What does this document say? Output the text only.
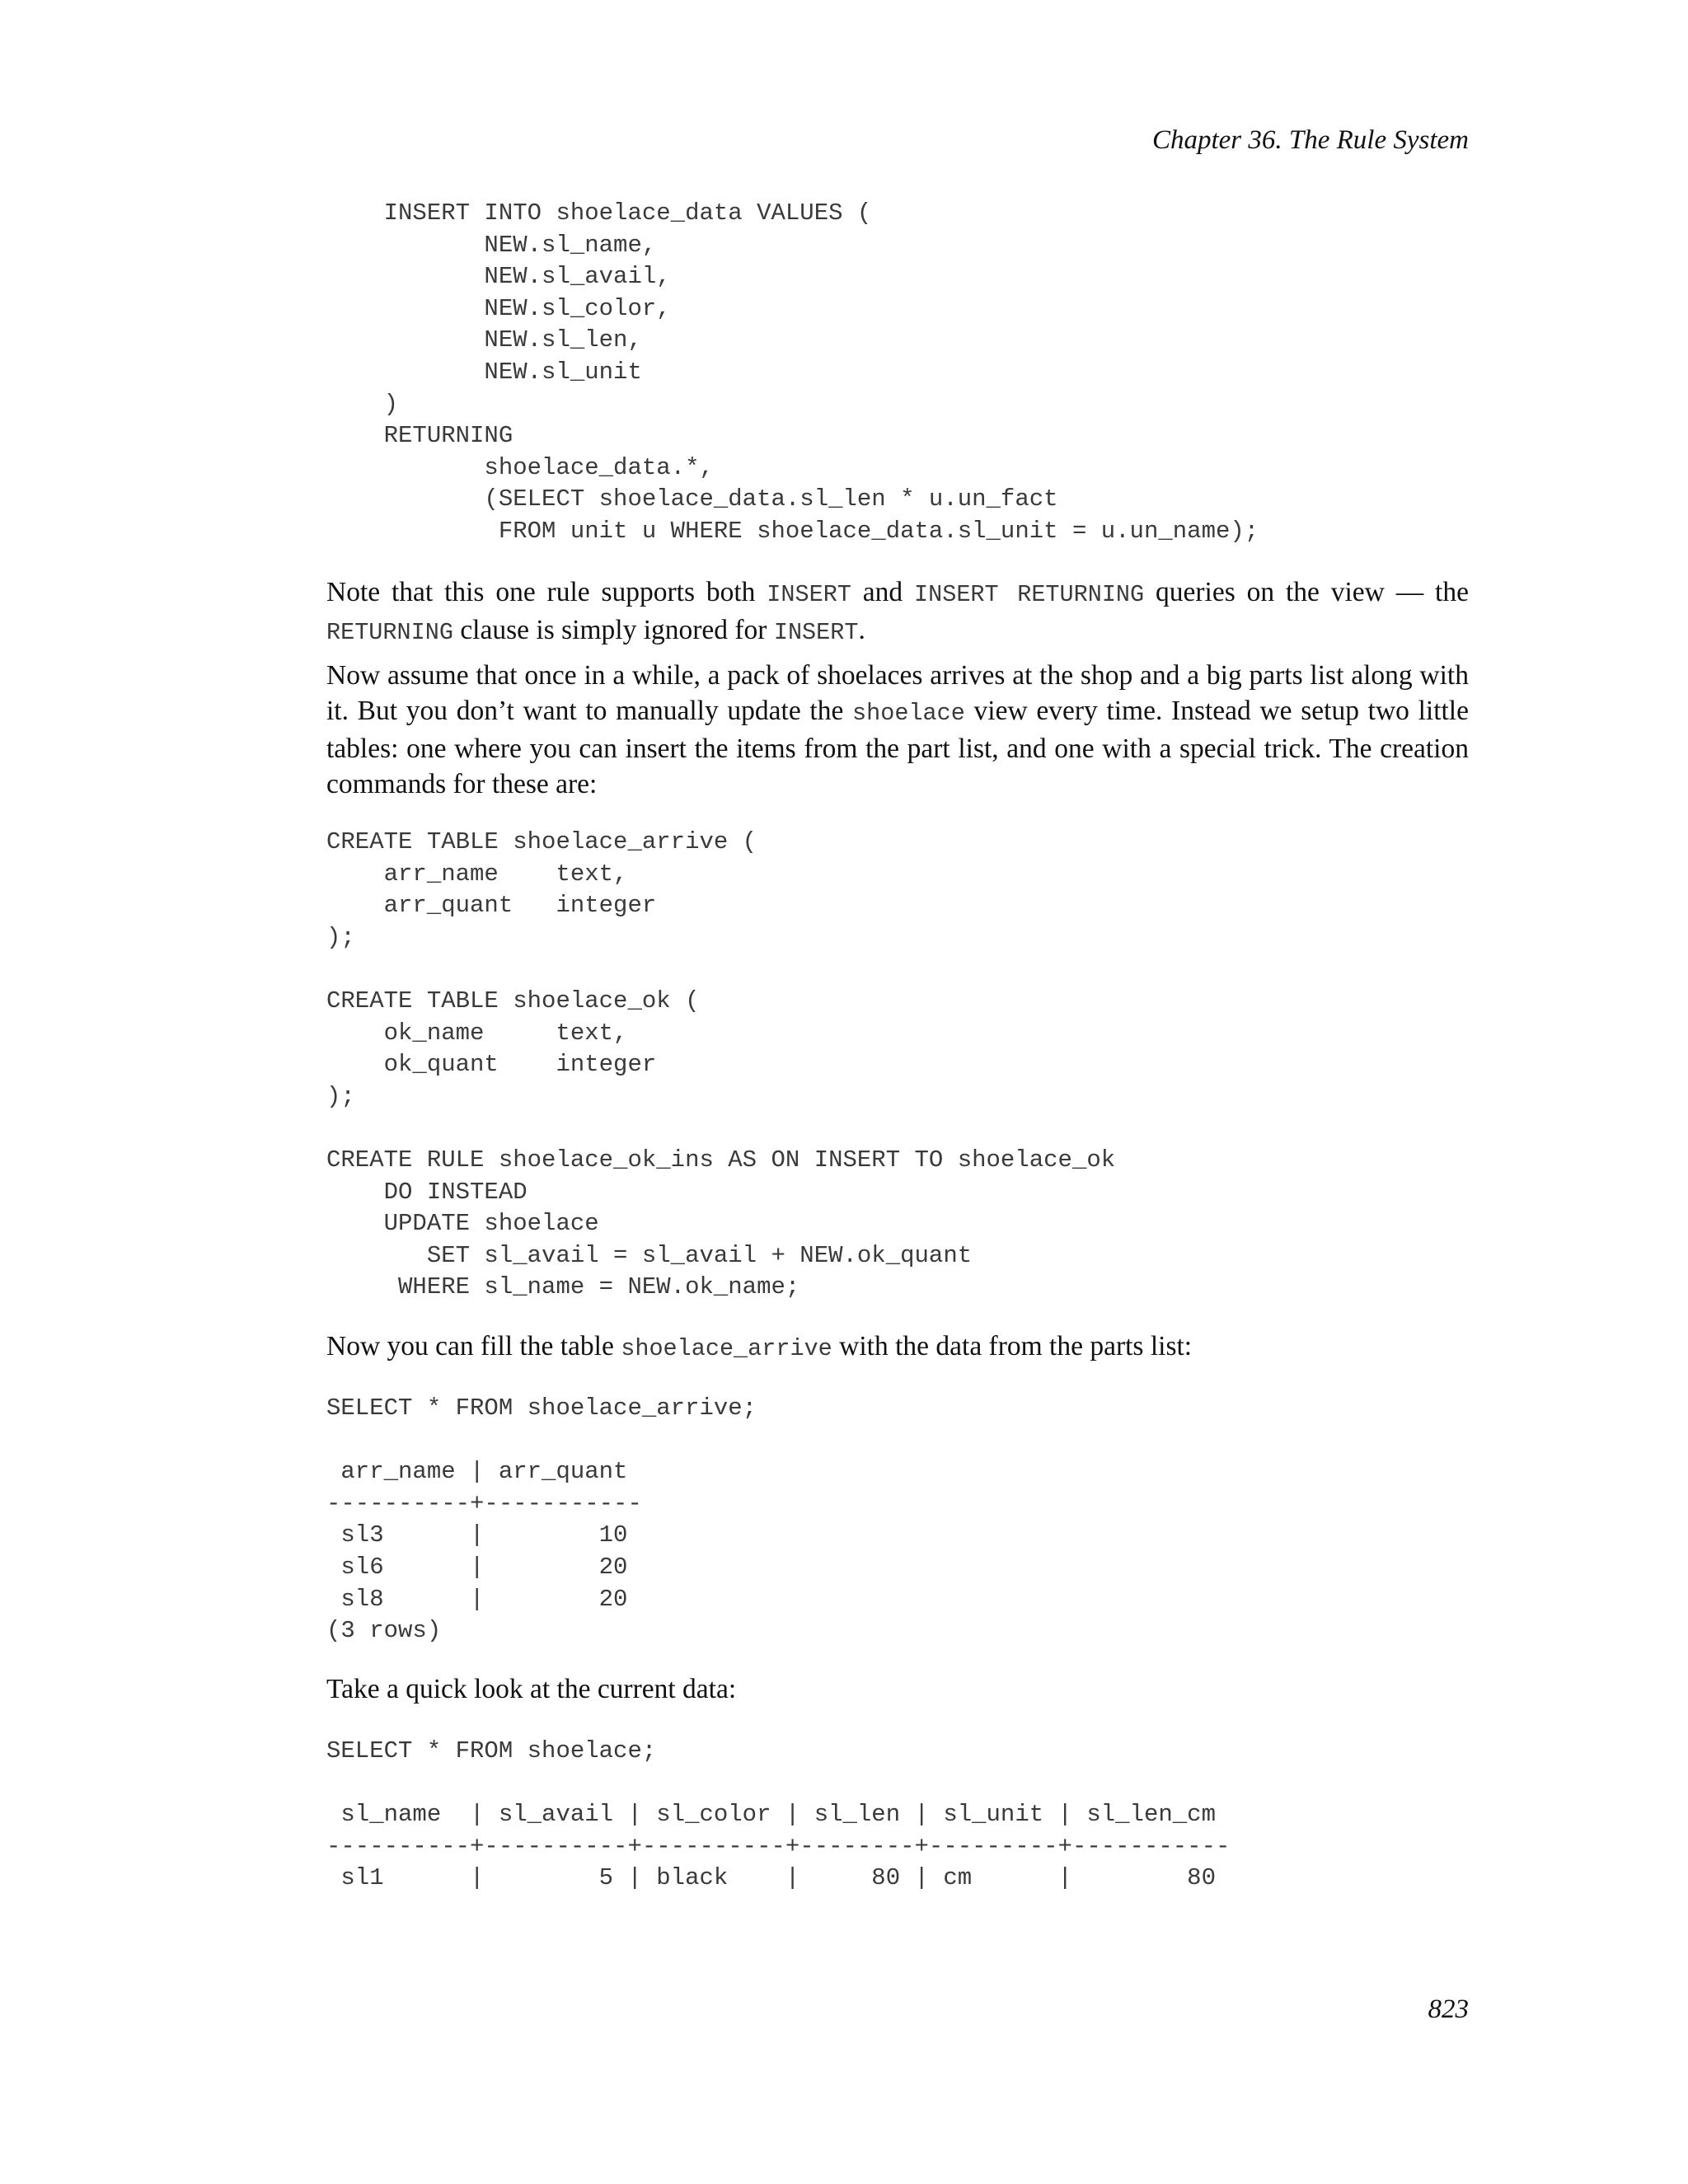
Chapter 36. The Rule System
INSERT INTO shoelace_data VALUES (
NEW.sl_name,
NEW.sl_avail,
NEW.sl_color,
NEW.sl_len,
NEW.sl_unit
)
RETURNING
shoelace_data.*,
(SELECT shoelace_data.sl_len * u.un_fact
FROM unit u WHERE shoelace_data.sl_unit = u.un_name);

Note that this one rule supports both INSERT and INSERT RETURNING queries on the view — the RETURNING clause is simply ignored for INSERT.

Now assume that once in a while, a pack of shoelaces arrives at the shop and a big parts list along with it. But you don’t want to manually update the shoelace view every time. Instead we setup two little tables: one where you can insert the items from the part list, and one with a special trick. The creation commands for these are:

CREATE TABLE shoelace_arrive (
arr_name    text,
arr_quant   integer
);

CREATE TABLE shoelace_ok (
ok_name     text,
ok_quant    integer
);

CREATE RULE shoelace_ok_ins AS ON INSERT TO shoelace_ok
DO INSTEAD
UPDATE shoelace
SET sl_avail = sl_avail + NEW.ok_quant
WHERE sl_name = NEW.ok_name;

Now you can fill the table shoelace_arrive with the data from the parts list:

SELECT * FROM shoelace_arrive;

arr_name | arr_quant
----------+-----------
sl3      |        10
sl6      |        20
sl8      |        20
(3 rows)

Take a quick look at the current data:

SELECT * FROM shoelace;

sl_name  | sl_avail | sl_color | sl_len | sl_unit | sl_len_cm
----------+----------+----------+--------+---------+-----------
sl1      |        5 | black    |     80 | cm      |        80
823
